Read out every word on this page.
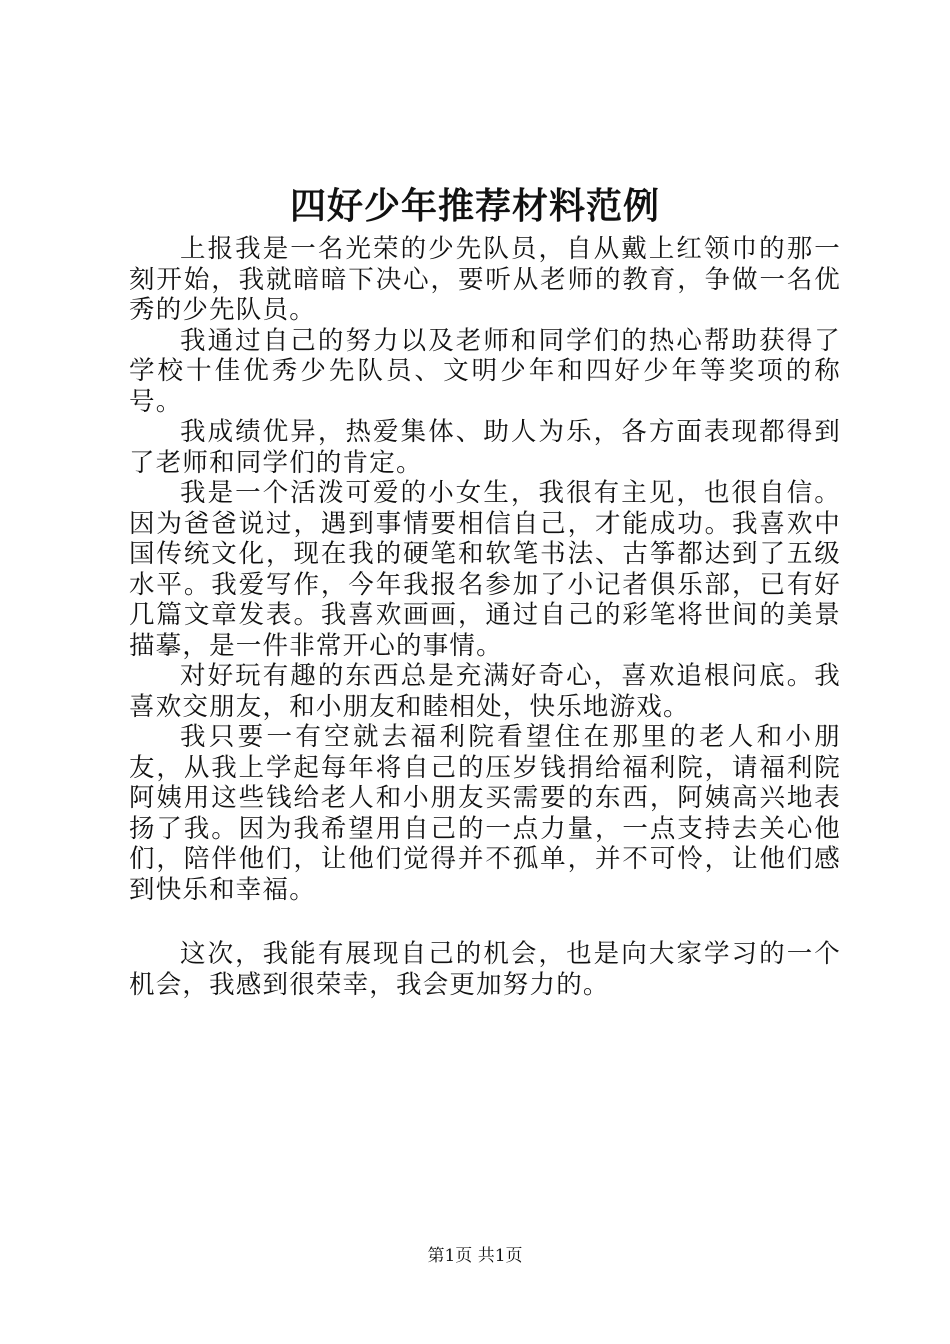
四好少年推荐材料范例

上报我是一名光荣的少先队员，自从戴上红领巾的那一刻开始，我就暗暗下决心，要听从老师的教育，争做一名优秀的少先队员。

我通过自己的努力以及老师和同学们的热心帮助获得了学校十佳优秀少先队员、文明少年和四好少年等奖项的称号。

我成绩优异，热爱集体、助人为乐，各方面表现都得到了老师和同学们的肯定。

我是一个活泼可爱的小女生，我很有主见，也很自信。因为爸爸说过，遇到事情要相信自己，才能成功。我喜欢中国传统文化，现在我的硬笔和软笔书法、古筝都达到了五级水平。我爱写作，今年我报名参加了小记者俱乐部，已有好几篇文章发表。我喜欢画画，通过自己的彩笔将世间的美景描摹，是一件非常开心的事情。

对好玩有趣的东西总是充满好奇心，喜欢追根问底。我喜欢交朋友，和小朋友和睦相处，快乐地游戏。

我只要一有空就去福利院看望住在那里的老人和小朋友，从我上学起每年将自己的压岁钱捐给福利院，请福利院阿姨用这些钱给老人和小朋友买需要的东西，阿姨高兴地表扬了我。因为我希望用自己的一点力量，一点支持去关心他们，陪伴他们，让他们觉得并不孤单，并不可怜，让他们感到快乐和幸福。

这次，我能有展现自己的机会，也是向大家学习的一个机会，我感到很荣幸，我会更加努力的。

第1页 共1页
